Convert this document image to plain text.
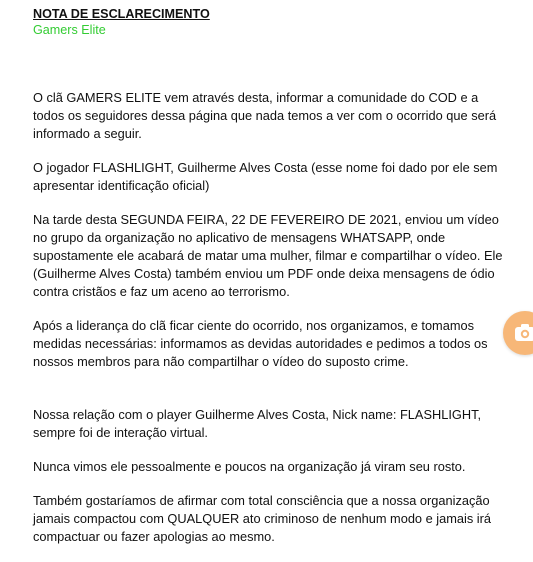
NOTA DE ESCLARECIMENTO

Gamers Elite

O clã GAMERS ELITE vem através desta, informar a comunidade do COD e a todos os seguidores dessa página que nada temos a ver com o ocorrido que será informado a seguir.

O jogador FLASHLIGHT, Guilherme Alves Costa (esse nome foi dado por ele sem apresentar identificação oficial)

Na tarde desta SEGUNDA FEIRA, 22 DE FEVEREIRO DE 2021, enviou um vídeo no grupo da organização no aplicativo de mensagens WHATSAPP, onde supostamente ele acabará de matar uma mulher, filmar e compartilhar o vídeo. Ele (Guilherme Alves Costa) também enviou um PDF onde deixa mensagens de ódio contra cristãos e faz um aceno ao terrorismo.

Após a liderança do clã ficar ciente do ocorrido, nos organizamos, e tomamos medidas necessárias: informamos as devidas autoridades e pedimos a todos os nossos membros para não compartilhar o vídeo do suposto crime.

Nossa relação com o player Guilherme Alves Costa, Nick name: FLASHLIGHT, sempre foi de interação virtual.

Nunca vimos ele pessoalmente e poucos na organização já viram seu rosto.

Também gostaríamos de afirmar com total consciência que a nossa organização jamais compactou com QUALQUER ato criminoso de nenhum modo e jamais irá compactuar ou fazer apologias ao mesmo.
